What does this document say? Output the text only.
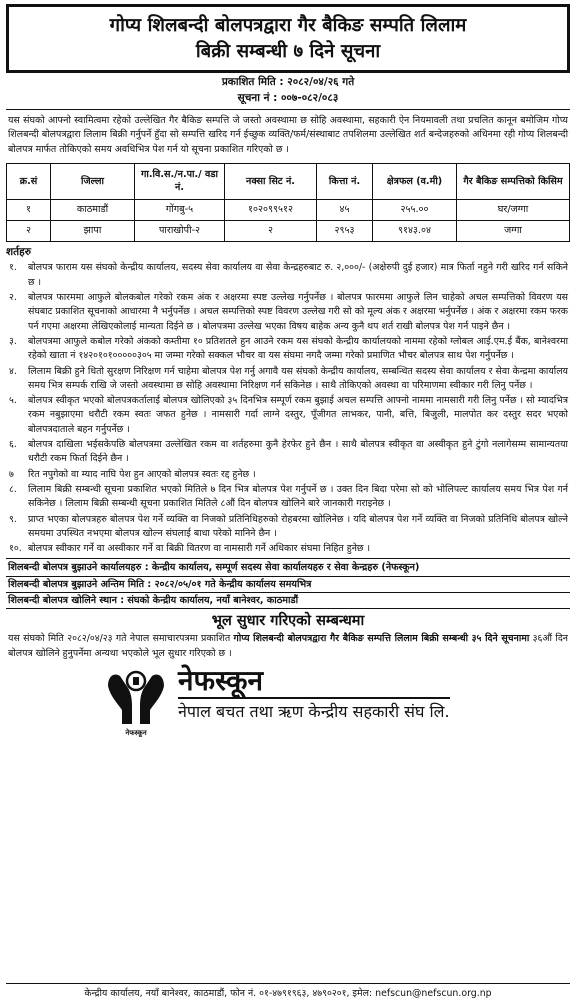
गोप्य शिलबन्दी बोलपत्रद्वारा गैर बैकिङ सम्पति लिलाम
बिक्री सम्बन्धी ७ दिने सूचना
प्रकाशित मिति : २०८२/०४/२६ गते
सूचना नं : ००७-०८२/०८३

यस संघको आफ्नो स्वामित्वमा रहेको उल्लेखित गैर बैकिङ सम्पत्ति जे जस्तो अवस्थामा छ सोहि अवस्थामा, सहकारी ऐन नियमावली तथा प्रचलित कानून बमोजिम गोप्य शिलबन्दी बोलपत्रद्वारा लिलाम बिक्री गर्नुपर्ने हुँदा सो सम्पत्ति खरिद गर्न ईच्छुक व्यक्ति/फर्म/संस्थाबाट तपशिलमा उल्लेखित शर्त बन्देजहरुको अधिनमा रही गोप्य शिलबन्दी बोलपत्र मार्फत तोकिएको समय अवधिभित्र पेश गर्न यो सूचना प्रकाशित गरिएको छ ।

क्र.सं	जिल्ला	गा.वि.स./न.पा./ वडा नं.	नक्सा सिट नं.	कित्ता नं.	क्षेत्रफल (व.मी)	गैर बैकिङ सम्पत्तिको किसिम
१	काठमाडौं	गोंगबु-५	१०२०९९५१२	४५	२५५.००	घर/जग्गा
२	झापा	पाराखोपी-२	२	२९५३	९१४३.०४	जग्गा
शर्तहरु
१.	बोलपत्र फाराम यस संघको केन्द्रीय कार्यालय, सदस्य सेवा कार्यालय वा सेवा केन्द्रहरुबाट रु. २,०००/- (अक्षेरुपी दुई हजार) मात्र फिर्ता नहुने गरी खरिद गर्न सकिने छ ।
२.	बोलपत्र फारममा आफुले बोलकबोल गरेको रकम अंक र अक्षरमा स्पष्ट उल्लेख गर्नुपर्नेछ । बोलपत्र फारममा आफुले लिन चाहेको अचल सम्पत्तिको विवरण यस संघबाट प्रकाशित सूचनाको आधारमा नै भर्नुपर्नेछ । अचल सम्पत्तिको स्पष्ट विवरण उल्लेख गरी सो को मूल्य अंक र अक्षरमा भर्नुपर्नेछ । अंक र अक्षरमा रकम फरक पर्न गएमा अक्षरमा लेखिएकोलाई मान्यता दिईने छ । बोलपत्रमा उल्लेख भएका विषय बाहेक अन्य कुनै थप शर्त राखी बोलपत्र पेश गर्न पाइने छैन ।
३.	बोलपत्रमा आफुले कबोल गरेको अंकको कम्तीमा १० प्रतिशतले हुन आउने रकम यस संघको केन्द्रीय कार्यालयको नाममा रहेको ग्लोबल आई.एम.ई बैंक, बानेश्वरमा रहेको खाता नं १४२०१०१०००००३०५ मा जम्मा गरेको सक्कल भौचर वा यस संघमा नगदै जम्मा गरेको प्रमाणित भौचर बोलपत्र साथ पेश गर्नुपर्नेछ ।
४.	लिलाम बिक्री हुने धितो सुरक्षण निरिक्षण गर्न चाहेमा बोलपत्र पेश गर्नु अगावै यस संघको केन्द्रीय कार्यालय, सम्बन्धित सदस्य सेवा कार्यालय र सेवा केन्द्रमा कार्यालय समय भित्र सम्पर्क राखि जे जस्तो अवस्थामा छ सोहि अवस्थामा निरिक्षण गर्न सकिनेछ । साथै तोकिएको अवस्था वा परिमाणमा स्वीकार गरी लिनु पर्नेछ ।
५.	बोलपत्र स्वीकृत भएको बोलपत्रकर्तालाई बोलपत्र खोलिएको ३५ दिनभित्र सम्पूर्ण रकम बुझाई अचल सम्पत्ति आफ्नो नाममा नामसारी गरी लिनु पर्नेछ । सो म्यादभित्र रकम नबुझाएमा धरौटी रकम स्वतः जफत हुनेछ । नामसारी गर्दा लाग्ने दस्तुर, पूँजीगत लाभकर, पानी, बत्ति, बिजुली, मालपोत कर दस्तुर सदर भएको बोलपत्रदाताले बहन गर्नुपर्नेछ ।
६.	बोलपत्र दाखिला भईसकेपछि बोलपत्रमा उल्लेखित रकम वा शर्तहरुमा कुनै हेरफेर हुने छैन । साथै बोलपत्र स्वीकृत वा अस्वीकृत हुने टुंगो नलागेसम्म सामान्यतया धरौटी रकम फिर्ता दिईने छैन ।
७	रित नपुगेको वा म्याद नाघि पेश हुन आएको बोलपत्र स्वतः रद्द हुनेछ ।
८.	लिलाम बिक्री सम्बन्धी सूचना प्रकाशित भएको मितिले ७ दिन भित्र बोलपत्र पेश गर्नुपर्ने छ । उक्त दिन बिदा परेमा सो को भोलिपल्ट कार्यालय समय भित्र पेश गर्न सकिनेछ । लिलाम बिक्री सम्बन्धी सूचना प्रकाशित मितिले ८औं दिन बोलपत्र खोलिने बारे जानकारी गराइनेछ ।
९.	प्राप्त भएका बोलपत्रहरु बोलपत्र पेश गर्ने व्यक्ति वा निजको प्रतिनिधिहरुको रोहबरमा खोलिनेछ । यदि बोलपत्र पेश गर्ने व्यक्ति वा निजको प्रतिनिधि बोलपत्र खोल्ने समयमा उपस्थित नभएमा बोलपत्र खोल्न संघलाई बाधा परेको मानिने छैन ।
१०. बोलपत्र स्वीकार गर्ने वा अस्वीकार गर्ने वा बिक्री वितरण वा नामसारी गर्ने अधिकार संघमा निहित हुनेछ ।
शिलबन्दी बोलपत्र बुझाउने कार्यालयहरु : केन्द्रीय कार्यालय, सम्पूर्ण सदस्य सेवा कार्यालयहरु र सेवा केन्द्रहरु (नेफस्कून)
शिलबन्दी बोलपत्र बुझाउने अन्तिम मिति : २०८२/०५/०१ गते केन्द्रीय कार्यालय समयभित्र
शिलबन्दी बोलपत्र खोलिने स्थान : संघको केन्द्रीय कार्यालय, नयाँ बानेश्वर, काठमाडौं
भूल सुधार गरिएको सम्बन्धमा

यस संघको मिति २०८२/०४/२३ गते नेपाल समाचारपत्रमा प्रकाशित गोप्य शिलबन्दी बोलपत्रद्वारा गैर बैकिङ सम्पत्ति लिलाम बिक्री सम्बन्धी ३५ दिने सूचनामा ३६औं दिन बोलपत्र खोलिने हुनुपर्नेमा अन्यथा भएकोले भूल सुधार गरिएको छ ।

नेफस्कून
नेफस्कून
नेपाल बचत तथा ऋण केन्द्रीय सहकारी संघ लि.
केन्द्रीय कार्यालय, नयाँ बानेश्वर, काठमाडौं, फोन नं. ०१-४७९१९६३, ४७९०२०१, इमेल: nefscun@nefscun.org.np
